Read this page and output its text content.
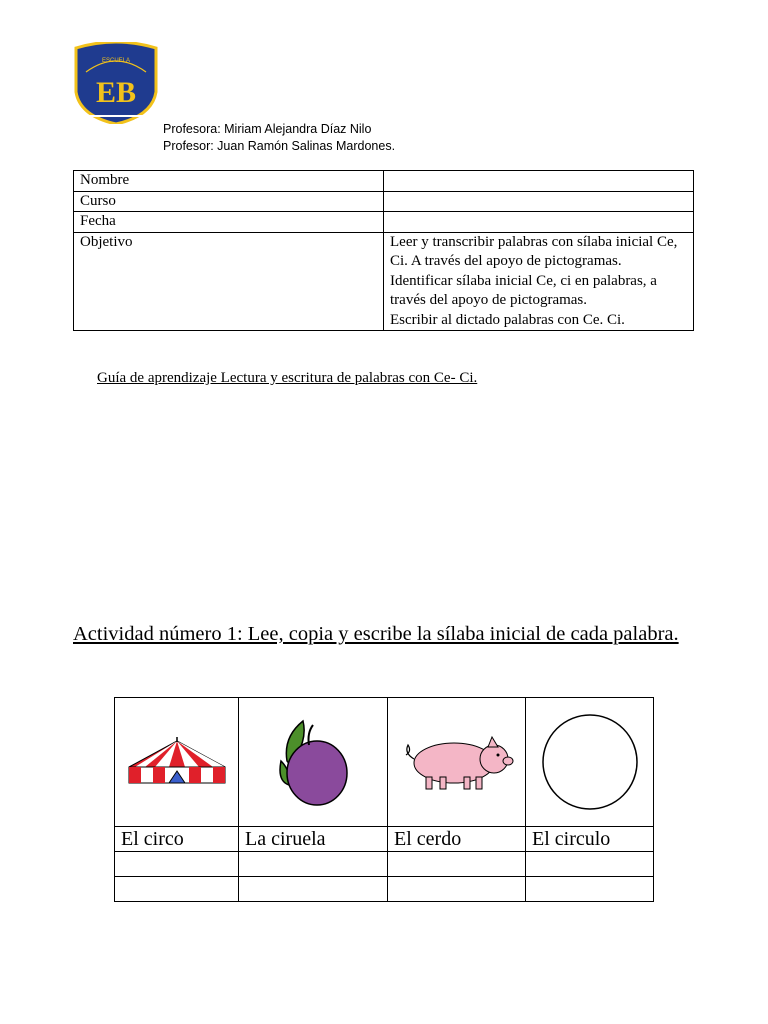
ESCUELA
EB
Profesora: Miriam Alejandra Díaz Nilo
Profesor: Juan Ramón Salinas Mardones.
Nombre	
Curso	
Fecha	
Objetivo	Leer y transcribir palabras con sílaba inicial Ce, Ci. A través del apoyo de pictogramas.
Identificar sílaba inicial Ce, ci en palabras, a través del apoyo de pictogramas.
Escribir al dictado palabras con Ce. Ci.
Guía de aprendizaje Lectura y escritura de palabras con Ce- Ci.
Actividad número 1: Lee, copia y escribe la sílaba inicial de cada palabra.

El circo	La ciruela	El cerdo	El circulo
